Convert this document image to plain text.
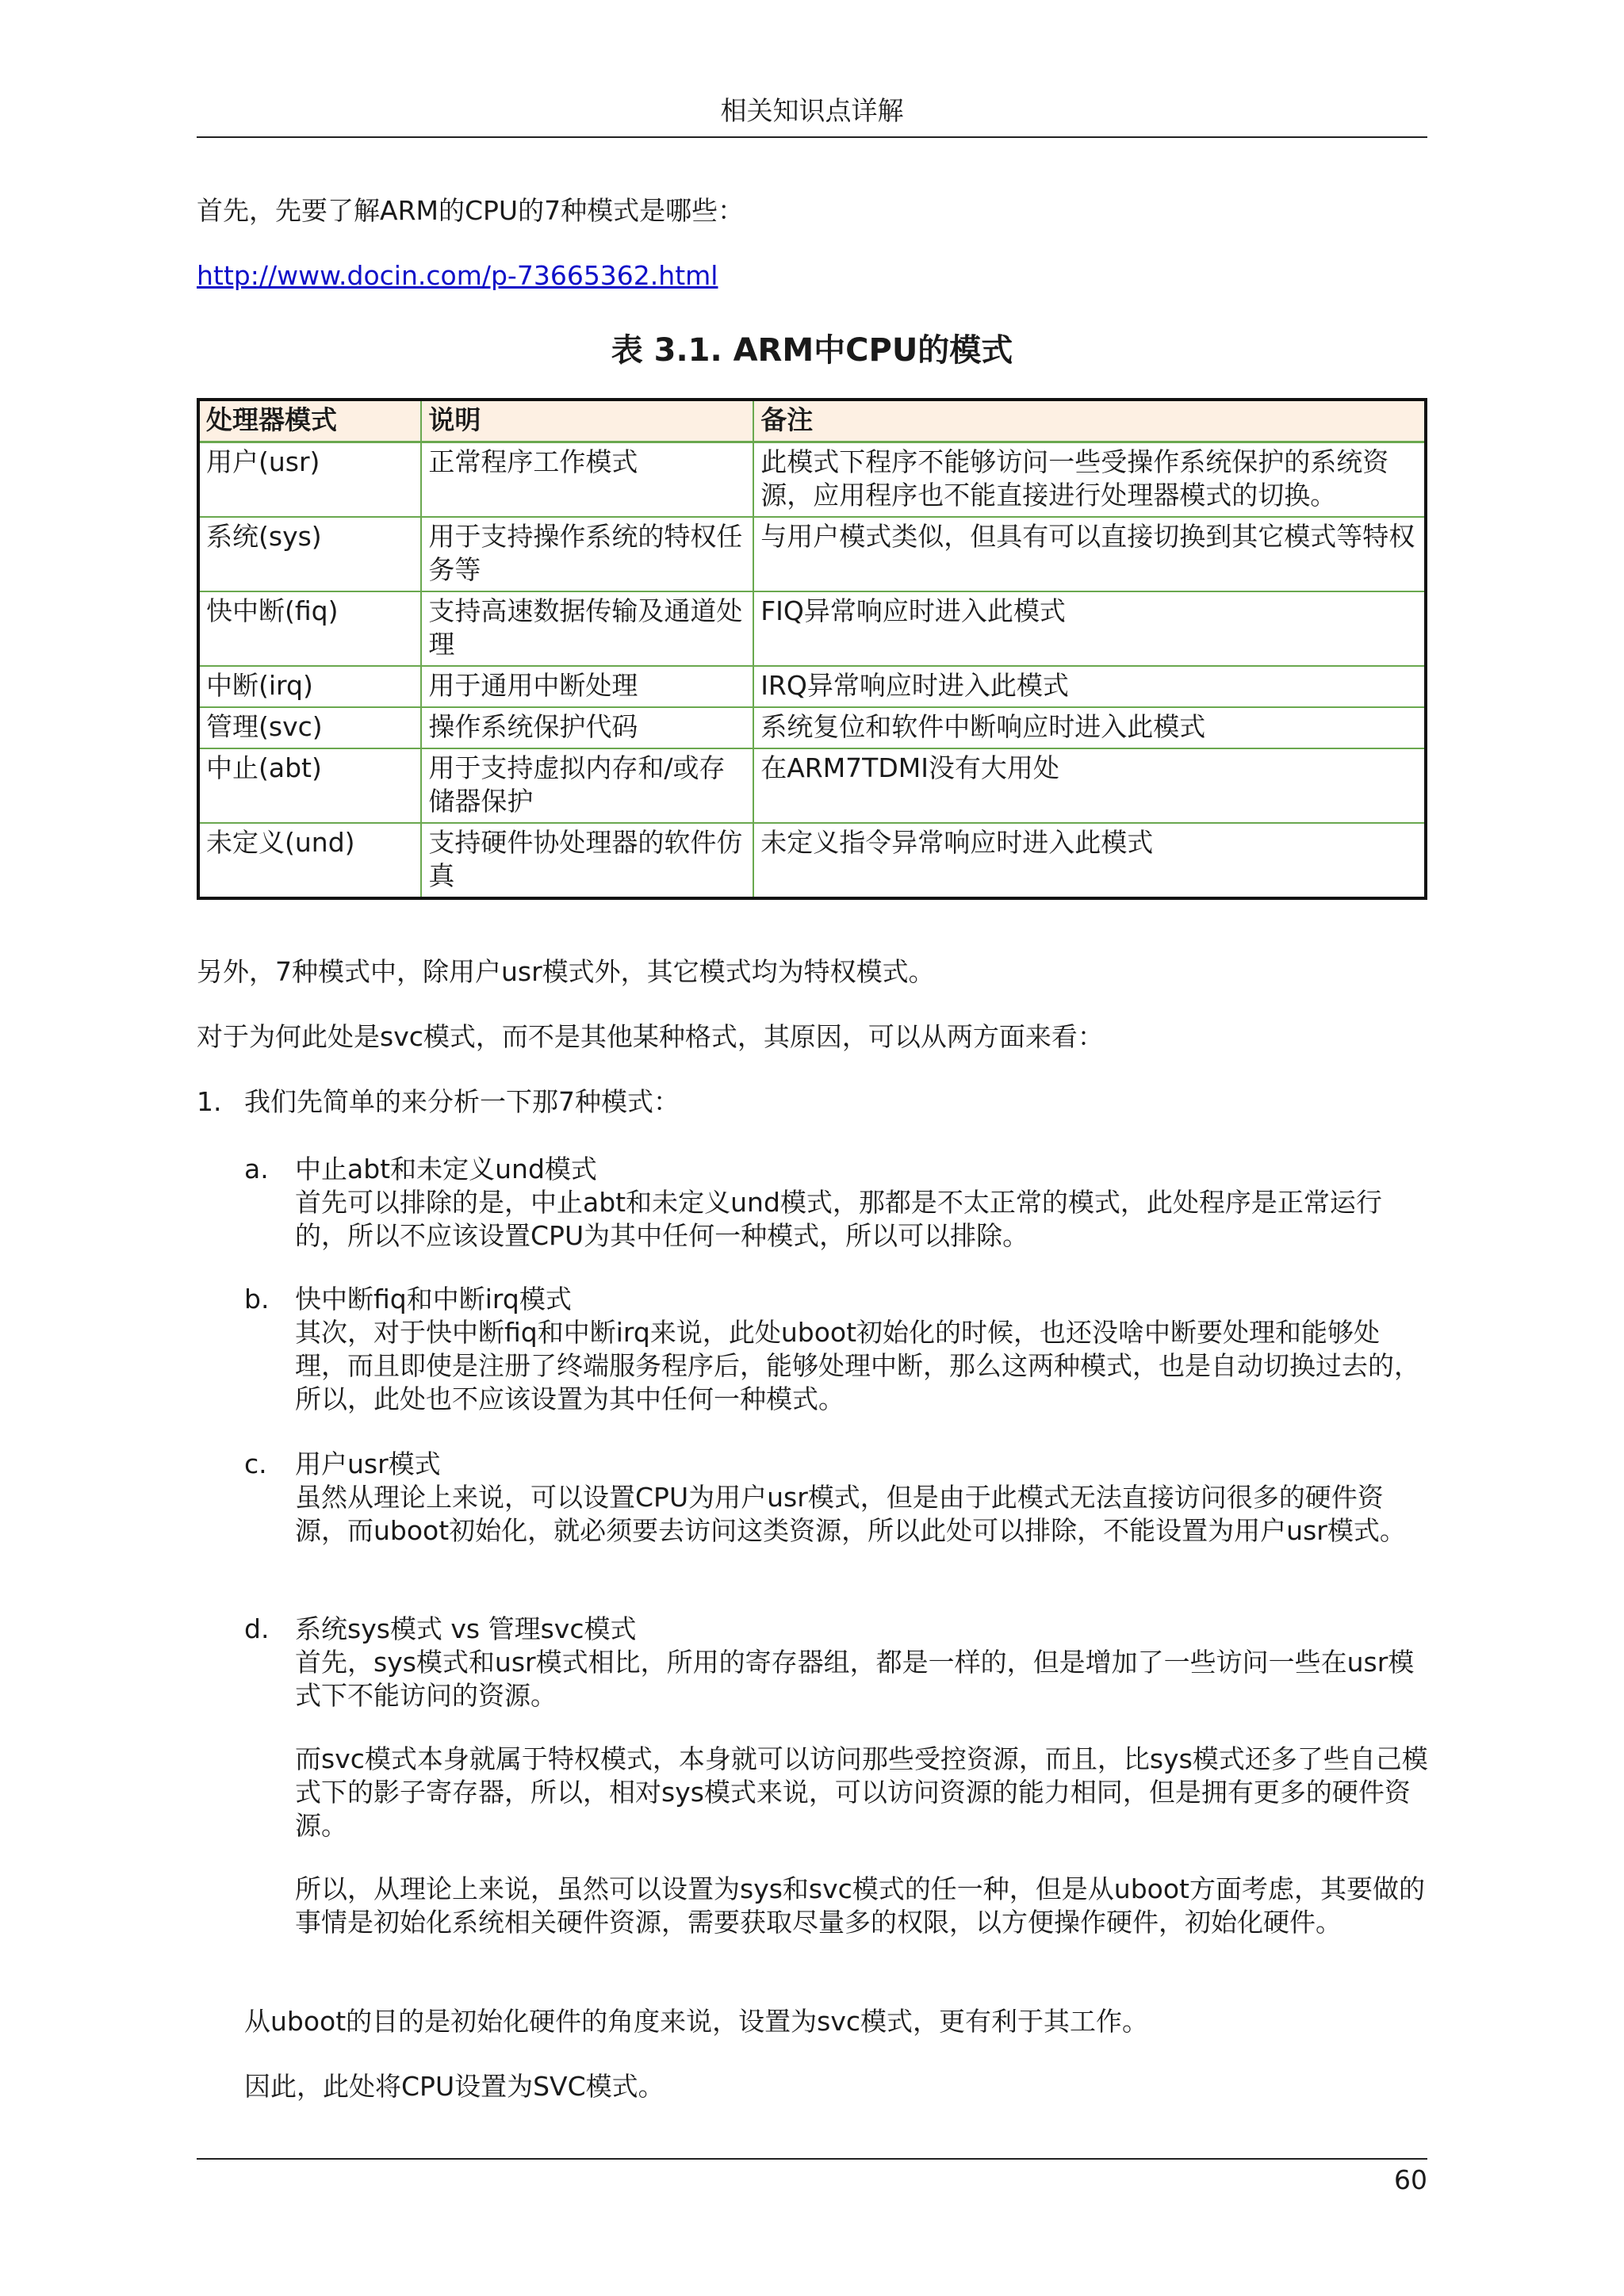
相关知识点详解
首先，先要了解ARM的CPU的7种模式是哪些：
http://www.docin.com/p-73665362.html
表 3.1. ARM中CPU的模式
处理器模式	说明	备注
用户(usr)	正常程序工作模式	此模式下程序不能够访问一些受操作系统保护的系统资源，应用程序也不能直接进行处理器模式的切换。
系统(sys)	用于支持操作系统的特权任务等	与用户模式类似，但具有可以直接切换到其它模式等特权
快中断(fiq)	支持高速数据传输及通道处理	FIQ异常响应时进入此模式
中断(irq)	用于通用中断处理	IRQ异常响应时进入此模式
管理(svc)	操作系统保护代码	系统复位和软件中断响应时进入此模式
中止(abt)	用于支持虚拟内存和/或存储器保护	在ARM7TDMI没有大用处
未定义(und)	支持硬件协处理器的软件仿真	未定义指令异常响应时进入此模式
另外，7种模式中，除用户usr模式外，其它模式均为特权模式。
对于为何此处是svc模式，而不是其他某种格式，其原因，可以从两方面来看：
1. 我们先简单的来分析一下那7种模式：
a. 中止abt和未定义und模式
首先可以排除的是，中止abt和未定义und模式，那都是不太正常的模式，此处程序是正常运行的，所以不应该设置CPU为其中任何一种模式，所以可以排除。
b. 快中断fiq和中断irq模式
其次，对于快中断fiq和中断irq来说，此处uboot初始化的时候，也还没啥中断要处理和能够处理，而且即使是注册了终端服务程序后，能够处理中断，那么这两种模式，也是自动切换过去的，所以，此处也不应该设置为其中任何一种模式。
c. 用户usr模式
虽然从理论上来说，可以设置CPU为用户usr模式，但是由于此模式无法直接访问很多的硬件资源，而uboot初始化，就必须要去访问这类资源，所以此处可以排除，不能设置为用户usr模式。
d. 系统sys模式 vs 管理svc模式
首先，sys模式和usr模式相比，所用的寄存器组，都是一样的，但是增加了一些访问一些在usr模式下不能访问的资源。
而svc模式本身就属于特权模式，本身就可以访问那些受控资源，而且，比sys模式还多了些自己模式下的影子寄存器，所以，相对sys模式来说，可以访问资源的能力相同，但是拥有更多的硬件资源。
所以，从理论上来说，虽然可以设置为sys和svc模式的任一种，但是从uboot方面考虑，其要做的事情是初始化系统相关硬件资源，需要获取尽量多的权限，以方便操作硬件，初始化硬件。
从uboot的目的是初始化硬件的角度来说，设置为svc模式，更有利于其工作。
因此，此处将CPU设置为SVC模式。
60
